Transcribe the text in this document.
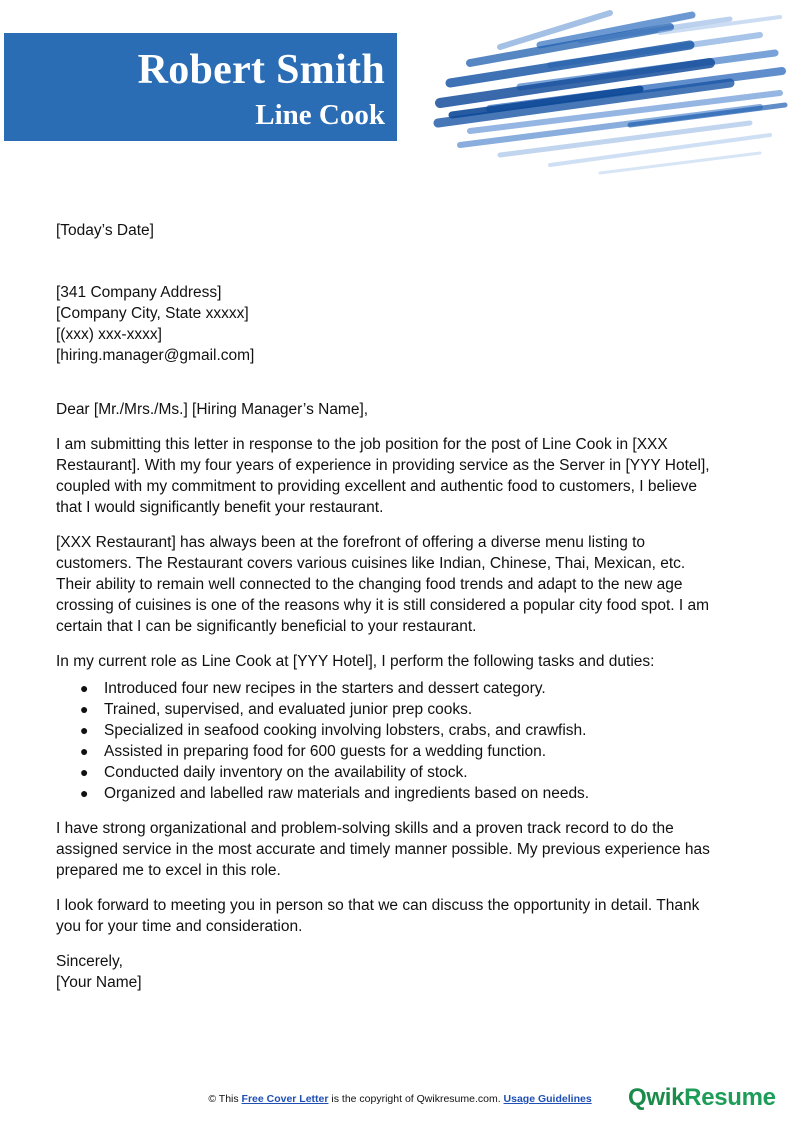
Robert Smith
Line Cook
[Today’s Date]
[341 Company Address]
[Company City, State xxxxx]
[(xxx) xxx-xxxx]
[hiring.manager@gmail.com]

Dear [Mr./Mrs./Ms.] [Hiring Manager’s Name],

I am submitting this letter in response to the job position for the post of Line Cook in [XXX
Restaurant]. With my four years of experience in providing service as the Server in [YYY Hotel],
coupled with my commitment to providing excellent and authentic food to customers, I believe
that I would significantly benefit your restaurant.

[XXX Restaurant] has always been at the forefront of offering a diverse menu listing to
customers. The Restaurant covers various cuisines like Indian, Chinese, Thai, Mexican, etc.
Their ability to remain well connected to the changing food trends and adapt to the new age
crossing of cuisines is one of the reasons why it is still considered a popular city food spot. I am
certain that I can be significantly beneficial to your restaurant.

In my current role as Line Cook at [YYY Hotel], I perform the following tasks and duties:

● Introduced four new recipes in the starters and dessert category.
● Trained, supervised, and evaluated junior prep cooks.
● Specialized in seafood cooking involving lobsters, crabs, and crawfish.
● Assisted in preparing food for 600 guests for a wedding function.
● Conducted daily inventory on the availability of stock.
● Organized and labelled raw materials and ingredients based on needs.

I have strong organizational and problem-solving skills and a proven track record to do the
assigned service in the most accurate and timely manner possible. My previous experience has
prepared me to excel in this role.

I look forward to meeting you in person so that we can discuss the opportunity in detail. Thank
you for your time and consideration.

Sincerely,
[Your Name]

© This Free Cover Letter is the copyright of Qwikresume.com. Usage Guidelines	QwikResume
